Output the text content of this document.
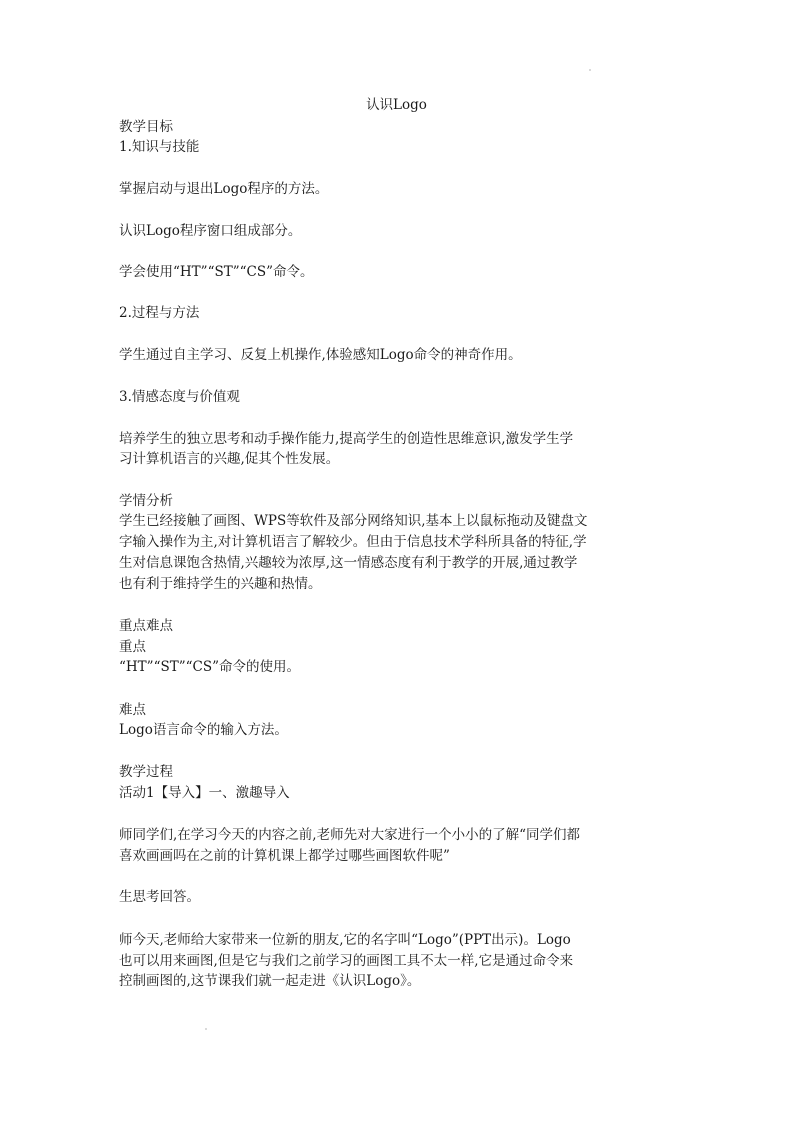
认识Logo
教学目标
1.知识与技能
掌握启动与退出Logo程序的方法。
认识Logo程序窗口组成部分。
学会使用“HT”“ST”“CS”命令。
2.过程与方法
学生通过自主学习、反复上机操作,体验感知Logo命令的神奇作用。
3.情感态度与价值观
培养学生的独立思考和动手操作能力,提高学生的创造性思维意识,激发学生学
习计算机语言的兴趣,促其个性发展。
学情分析
学生已经接触了画图、WPS等软件及部分网络知识,基本上以鼠标拖动及键盘文
字输入操作为主,对计算机语言了解较少。但由于信息技术学科所具备的特征,学
生对信息课饱含热情,兴趣较为浓厚,这一情感态度有利于教学的开展,通过教学
也有利于维持学生的兴趣和热情。
重点难点
重点
“HT”“ST”“CS”命令的使用。
难点
Logo语言命令的输入方法。
教学过程
活动1【导入】一、激趣导入
师同学们,在学习今天的内容之前,老师先对大家进行一个小小的了解“同学们都
喜欢画画吗在之前的计算机课上都学过哪些画图软件呢”
生思考回答。
师今天,老师给大家带来一位新的朋友,它的名字叫“Logo”(PPT出示)。Logo
也可以用来画图,但是它与我们之前学习的画图工具不太一样,它是通过命令来
控制画图的,这节课我们就一起走进《认识Logo》。
